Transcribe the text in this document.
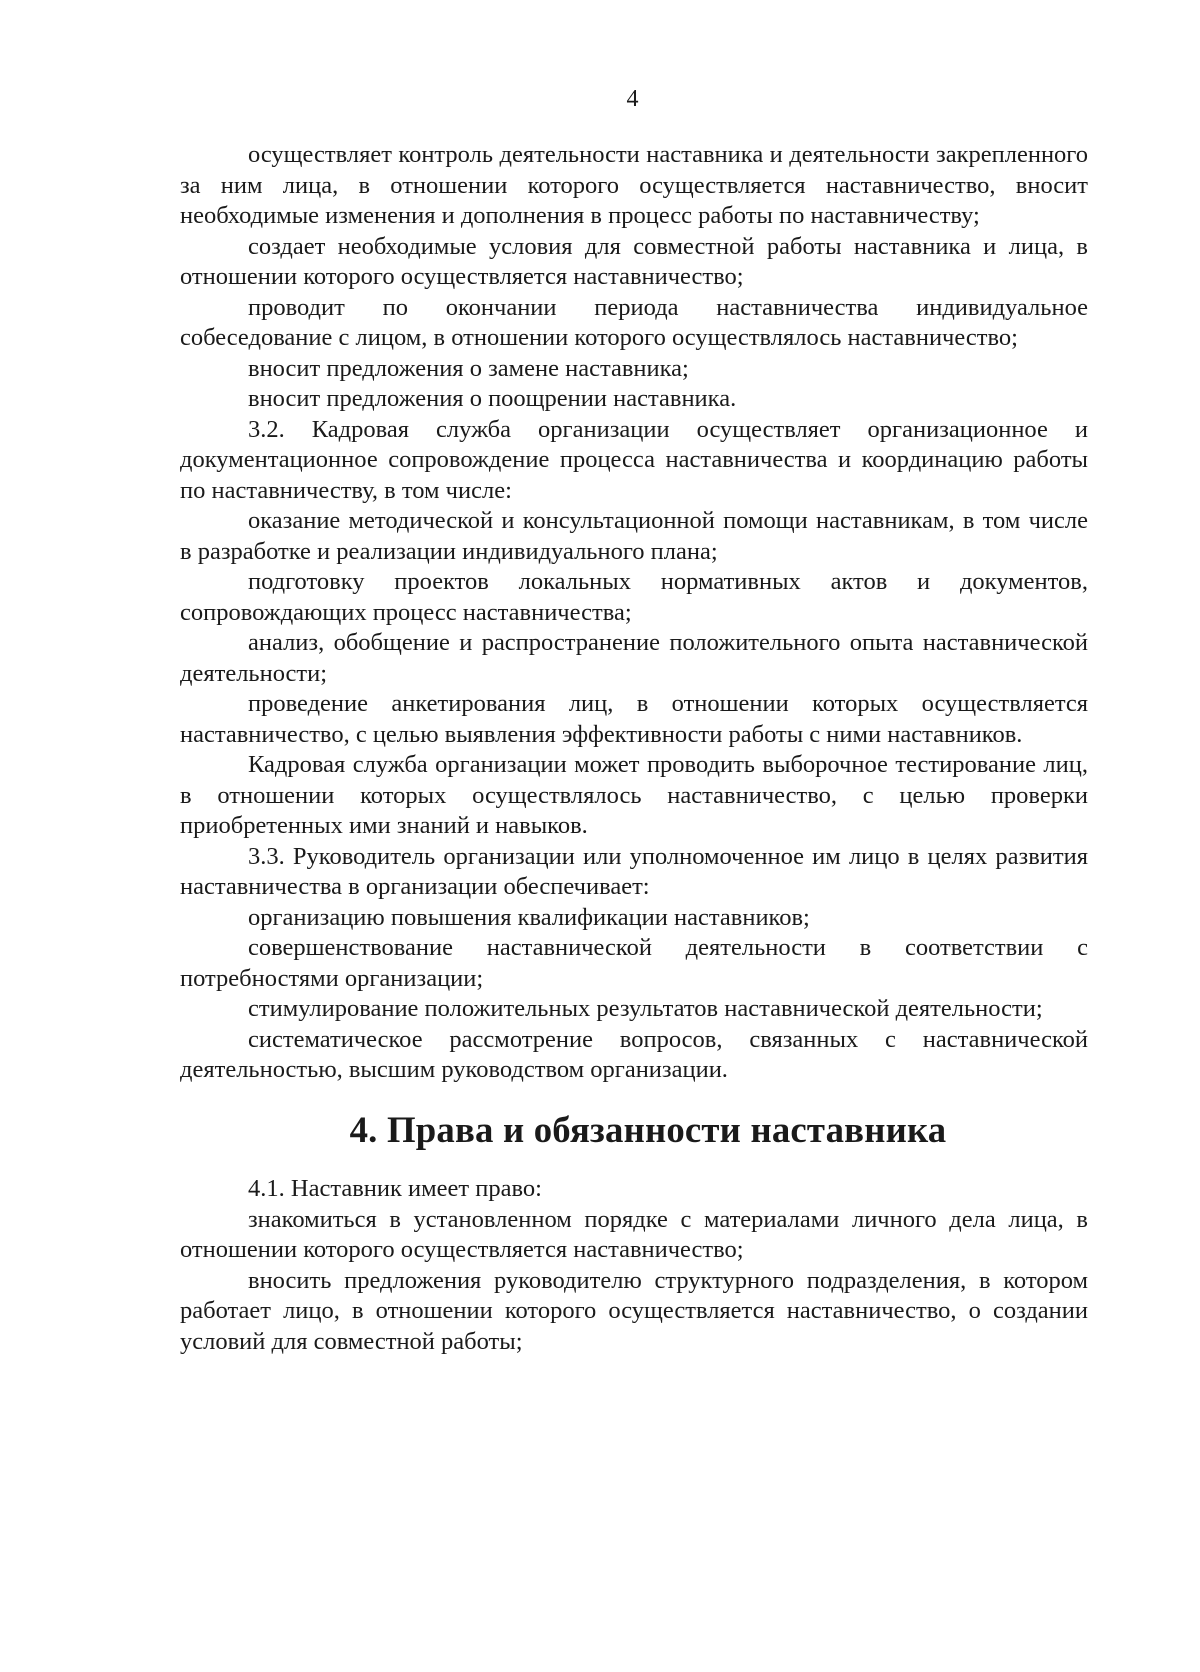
4

осуществляет контроль деятельности наставника и деятельности закрепленного за ним лица, в отношении которого осуществляется наставничество, вносит необходимые изменения и дополнения в процесс работы по наставничеству;

создает необходимые условия для совместной работы наставника и лица, в отношении которого осуществляется наставничество;

проводит по окончании периода наставничества индивидуальное собеседование с лицом, в отношении которого осуществлялось наставничество;

вносит предложения о замене наставника;

вносит предложения о поощрении наставника.

3.2. Кадровая служба организации осуществляет организационное и документационное сопровождение процесса наставничества и координацию работы по наставничеству, в том числе:

оказание методической и консультационной помощи наставникам, в том числе в разработке и реализации индивидуального плана;

подготовку проектов локальных нормативных актов и документов, сопровождающих процесс наставничества;

анализ, обобщение и распространение положительного опыта наставнической деятельности;

проведение анкетирования лиц, в отношении которых осуществляется наставничество, с целью выявления эффективности работы с ними наставников.

Кадровая служба организации может проводить выборочное тестирование лиц, в отношении которых осуществлялось наставничество, с целью проверки приобретенных ими знаний и навыков.

3.3. Руководитель организации или уполномоченное им лицо в целях развития наставничества в организации обеспечивает:

организацию повышения квалификации наставников;

совершенствование наставнической деятельности в соответствии с потребностями организации;

стимулирование положительных результатов наставнической деятельности;

систематическое рассмотрение вопросов, связанных с наставнической деятельностью, высшим руководством организации.

4. Права и обязанности наставника

4.1. Наставник имеет право:

знакомиться в установленном порядке с материалами личного дела лица, в отношении которого осуществляется наставничество;

вносить предложения руководителю структурного подразделения, в котором работает лицо, в отношении которого осуществляется наставничество, о создании условий для совместной работы;
